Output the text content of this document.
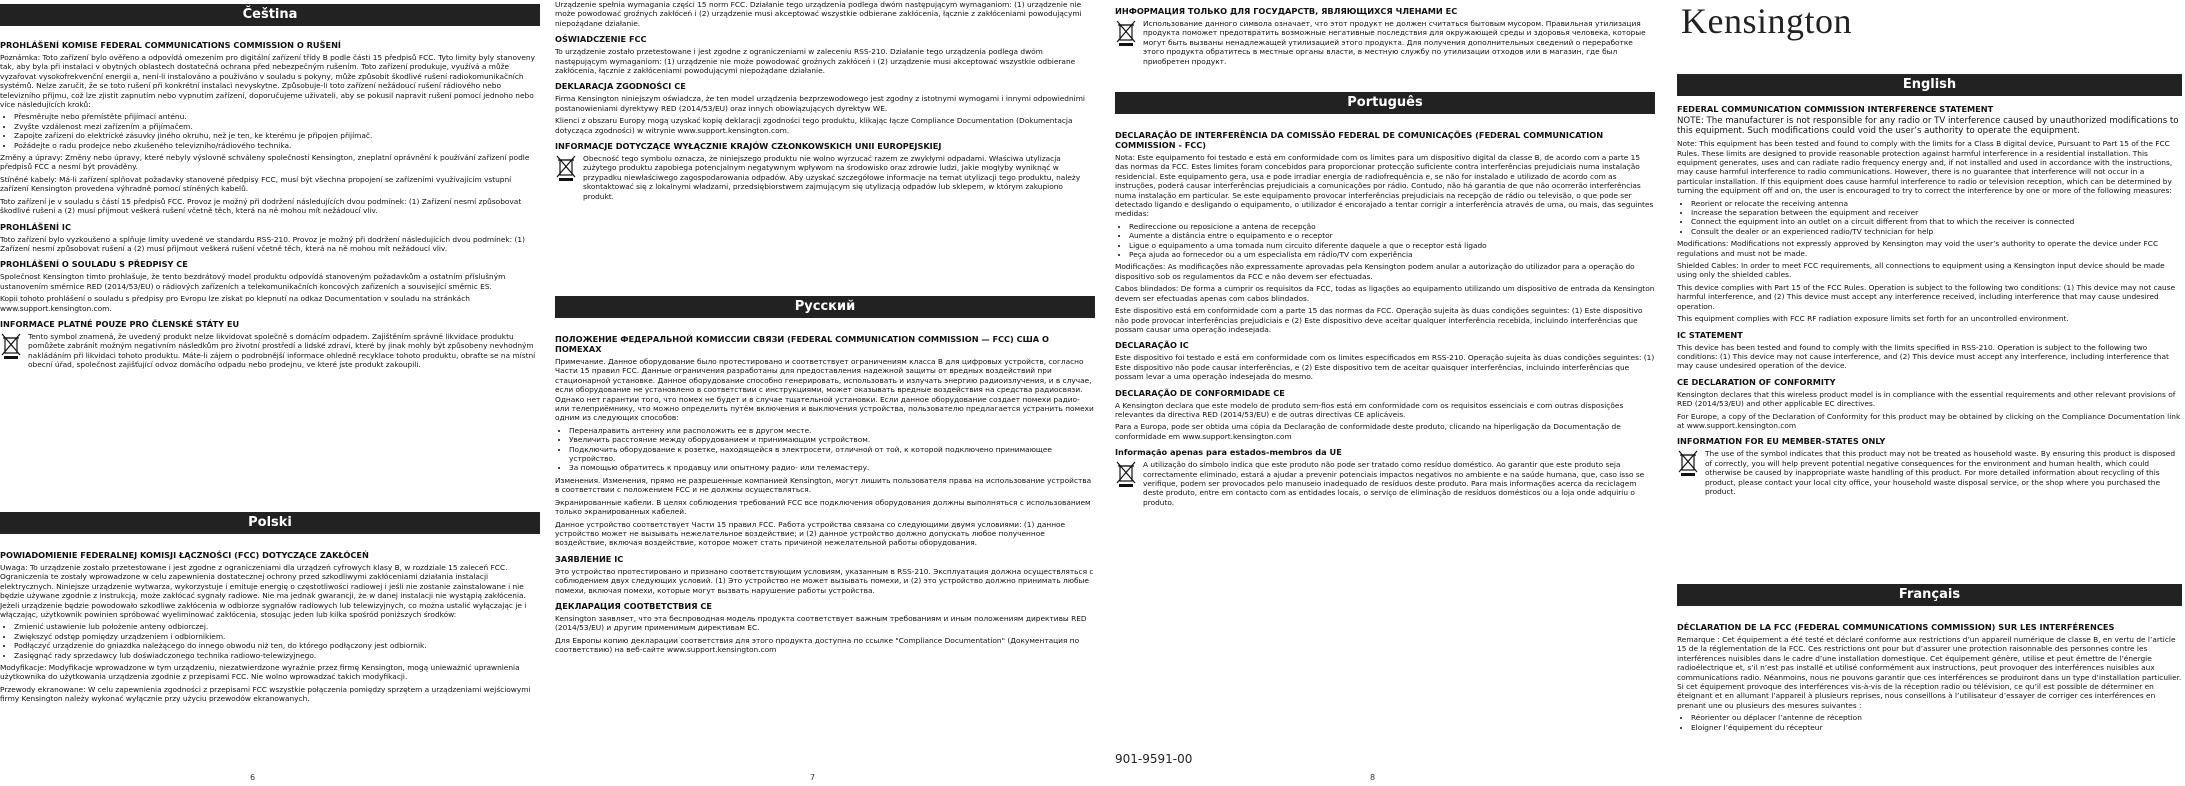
Čeština
PROHLÁŠENÍ KOMISE FEDERAL COMMUNICATIONS COMMISSION O RUŠENÍ

Poznámka: Toto zařízení bylo ověřeno a odpovídá omezením pro digitální zařízení třídy B podle části 15 předpisů FCC. Tyto limity byly stanoveny tak, aby byla při instalaci v obytných oblastech dostatečná ochrana před nebezpečným rušením. Toto zařízení produkuje, využívá a může vyzařovat vysokofrekvenční energii a, není-li instalováno a používáno v souladu s pokyny, může způsobit škodlivé rušení radiokomunikačních systémů. Nelze zaručit, že se toto rušení při konkrétní instalaci nevyskytne. Způsobuje-li toto zařízení nežádoucí rušení rádiového nebo televizního příjmu, což lze zjistit zapnutím nebo vypnutím zařízení, doporučujeme uživateli, aby se pokusil napravit rušení pomocí jednoho nebo více následujících kroků:

• Přesměrujte nebo přemístěte přijímací anténu.
• Zvyšte vzdálenost mezi zařízením a přijímačem.
• Zapojte zařízení do elektrické zásuvky jiného okruhu, než je ten, ke kterému je připojen přijímač.
• Požádejte o radu prodejce nebo zkušeného televizního/rádiového technika.

Změny a úpravy: Změny nebo úpravy, které nebyly výslovně schváleny společností Kensington, zneplatní oprávnění k používání zařízení podle předpisů FCC a nesmí být prováděny.

Stíněné kabely: Má-li zařízení splňovat požadavky stanovené předpisy FCC, musí být všechna propojení se zařízeními využívajícím vstupní zařízení Kensington provedena výhradně pomocí stíněných kabelů.

Toto zařízení je v souladu s částí 15 předpisů FCC. Provoz je možný při dodržení následujících dvou podmínek: (1) Zařízení nesmí způsobovat škodlivé rušení a (2) musí přijmout veškerá rušení včetně těch, která na ně mohou mít nežádoucí vliv.

PROHLÁŠENÍ IC

Toto zařízení bylo vyzkoušeno a splňuje limity uvedené ve standardu RSS-210. Provoz je možný při dodržení následujících dvou podmínek: (1) Zařízení nesmí způsobovat rušení a (2) musí přijmout veškerá rušení včetně těch, která na ně mohou mít nežádoucí vliv.

PROHLÁŠENÍ O SOULADU S PŘEDPISY CE

Společnost Kensington tímto prohlašuje, že tento bezdrátový model produktu odpovídá stanoveným požadavkům a ostatním příslušným ustanovením směrnice RED (2014/53/EU) o rádiových zařízeních a telekomunikačních koncových zařízeních a související směrnic ES.

Kopii tohoto prohlášení o souladu s předpisy pro Evropu lze získat po klepnutí na odkaz Documentation v souladu na stránkách www.support.kensington.com.

INFORMACE PLATNÉ POUZE PRO ČLENSKÉ STÁTY EU

Tento symbol znamená, že uvedený produkt nelze likvidovat společně s domácím odpadem. Zajištěním správné likvidace produktu pomůžete zabránit možným negativním následkům pro životní prostředí a lidské zdraví, které by jinak mohly být způsobeny nevhodným nakládáním při likvidaci tohoto produktu. Máte-li zájem o podrobnější informace ohledně recyklace tohoto produktu, obraťte se na místní obecní úřad, společnost zajišťující odvoz domácího odpadu nebo prodejnu, ve které jste produkt zakoupili.

Polski
POWIADOMIENIE FEDERALNEJ KOMISJI ŁĄCZNOŚCI (FCC) DOTYCZĄCE ZAKŁÓCEŃ

Uwaga: To urządzenie zostało przetestowane i jest zgodne z ograniczeniami dla urządzeń cyfrowych klasy B, w rozdziale 15 zaleceń FCC. Ograniczenia te zostały wprowadzone w celu zapewnienia dostatecznej ochrony przed szkodliwymi zakłóceniami działania instalacji elektrycznych. Niniejsze urządzenie wytwarza, wykorzystuje i emituje energię o częstotliwości radiowej i jeśli nie zostanie zainstalowane i nie będzie używane zgodnie z instrukcją, może zakłócać sygnały radiowe. Nie ma jednak gwarancji, że w danej instalacji nie wystąpią zakłócenia. Jeżeli urządzenie będzie powodowało szkodliwe zakłócenia w odbiorze sygnałów radiowych lub telewizyjnych, co można ustalić wyłączając je i włączając, użytkownik powinien spróbować wyeliminować zakłócenia, stosując jeden lub kilka spośród poniższych środków:

• Zmienić ustawienie lub położenie anteny odbiorczej.
• Zwiększyć odstęp pomiędzy urządzeniem i odbiornikiem.
• Podłączyć urządzenie do gniazdka należącego do innego obwodu niż ten, do którego podłączony jest odbiornik.
• Zasięgnąć rady sprzedawcy lub doświadczonego technika radiowo-telewizyjnego.

Modyfikacje: Modyfikacje wprowadzone w tym urządzeniu, niezatwierdzone wyraźnie przez firmę Kensington, mogą unieważnić uprawnienia użytkownika do użytkowania urządzenia zgodnie z przepisami FCC. Nie wolno wprowadzać takich modyfikacji.

Przewody ekranowane: W celu zapewnienia zgodności z przepisami FCC wszystkie połączenia pomiędzy sprzętem a urządzeniami wejściowymi firmy Kensington należy wykonać wyłącznie przy użyciu przewodów ekranowanych.

6

Urządzenie spełnia wymagania części 15 norm FCC. Działanie tego urządzenia podlega dwóm następującym wymaganiom: (1) urządzenie nie może powodować groźnych zakłóceń i (2) urządzenie musi akceptować wszystkie odbierane zakłócenia, łącznie z zakłóceniami powodującymi niepożądane działanie.

OŚWIADCZENIE FCC

To urządzenie zostało przetestowane i jest zgodne z ograniczeniami w zaleceniu RSS-210. Działanie tego urządzenia podlega dwóm następującym wymaganiom: (1) urządzenie nie może powodować groźnych zakłóceń i (2) urządzenie musi akceptować wszystkie odbierane zakłócenia, łącznie z zakłóceniami powodującymi niepożądane działanie.

DEKLARACJA ZGODNOŚCI CE

Firma Kensington niniejszym oświadcza, że ten model urządzenia bezprzewodowego jest zgodny z istotnymi wymogami i innymi odpowiednimi postanowieniami dyrektywy RED (2014/53/EU) oraz innych obowiązujących dyrektyw WE.

Klienci z obszaru Europy mogą uzyskać kopię deklaracji zgodności tego produktu, klikając łącze Compliance Documentation (Dokumentacja dotycząca zgodności) w witrynie www.support.kensington.com.

INFORMACJE DOTYCZĄCE WYŁĄCZNIE KRAJÓW CZŁONKOWSKICH UNII EUROPEJSKIEJ

Obecność tego symbolu oznacza, że niniejszego produktu nie wolno wyrzucać razem ze zwykłymi odpadami. Właściwa utylizacja zużytego produktu zapobiega potencjalnym negatywnym wpływom na środowisko oraz zdrowie ludzi, jakie mogłyby wyniknąć w przypadku niewłaściwego zagospodarowania odpadów. Aby uzyskać szczegółowe informacje na temat utylizacji tego produktu, należy skontaktować się z lokalnymi władzami, przedsiębiorstwem zajmującym się utylizacją odpadów lub sklepem, w którym zakupiono produkt.

Русский
ПОЛОЖЕНИЕ ФЕДЕРАЛЬНОЙ КОМИССИИ СВЯЗИ (FEDERAL COMMUNICATION COMMISSION — FCC) США О ПОМЕХАХ

Примечание. Данное оборудование было протестировано и соответствует ограничениям класса B для цифровых устройств, согласно Части 15 правил FCC. Данные ограничения разработаны для предоставления надежной защиты от вредных воздействий при стационарной установке. Данное оборудование способно генерировать, использовать и излучать энергию радиоизлучения, и в случае, если оборудование не установлено в соответствии с инструкциями, может оказывать вредные воздействия на средства радиосвязи. Однако нет гарантии того, что помех не будет и в случае тщательной установки. Если данное оборудование создает помехи радио- или телеприёмнику, что можно определить путём включения и выключения устройства, пользователю предлагается устранить помехи одним из следующих способов:

• Переналравить антенну или расположить ее в другом месте.
• Увеличить расстояние между оборудованием и принимающим устройством.
• Подключить оборудование к розетке, находящейся в электросети, отличной от той, к которой подключено принимающее устройство.
• За помощью обратитесь к продавцу или опытному радио- или телемастеру.

Изменения. Изменения, прямо не разрешенные компанией Kensington, могут лишить пользователя права на использование устройства в соответствии с положением FCC и не должны осуществляться.

Экранированные кабели. В целях соблюдения требований FCC все подключения оборудования должны выполняться с использованием только экранированных кабелей.

Данное устройство соответствует Части 15 правил FCC. Работа устройства связана со следующими двумя условиями: (1) данное устройство может не вызывать нежелательное воздействие; и (2) данное устройство должно допускать любое полученное воздействие, включая воздействие, которое может стать причиной нежелательной работы оборудования.

ЗАЯВЛЕНИЕ IC

Это устройство протестировано и признано соответствующим условиям, указанным в RSS-210. Эксплуатация должна осуществляться с соблюдением двух следующих условий. (1) Это устройство не может вызывать помехи, и (2) это устройство должно принимать любые помехи, включая помехи, которые могут вызвать нарушение работы устройства.

ДЕКЛАРАЦИЯ СООТВЕТСТВИЯ CE

Kensington заявляет, что эта беспроводная модель продукта соответствует важным требованиям и иным положениям директивы RED (2014/53/EU) и другим применимым директивам ЕС.

Для Европы копию декларации соответствия для этого продукта доступна по ссылке "Compliance Documentation" (Документация по соответствию) на веб-сайте www.support.kensington.com

7
ИНФОРМАЦИЯ ТОЛЬКО ДЛЯ ГОСУДАРСТВ, ЯВЛЯЮЩИХСЯ ЧЛЕНАМИ ЕС

Использование данного символа означает, что этот продукт не должен считаться бытовым мусором. Правильная утилизация продукта поможет предотвратить возможные негативные последствия для окружающей среды и здоровья человека, которые могут быть вызваны ненадлежащей утилизацией этого продукта. Для получения дополнительных сведений о переработке этого продукта обратитесь в местные органы власти, в местную службу по утилизации отходов или в магазин, где был приобретен продукт.

Português
DECLARAÇÃO DE INTERFERÊNCIA DA COMISSÃO FEDERAL DE COMUNICAÇÕES (FEDERAL COMMUNICATION COMMISSION - FCC)

Nota: Este equipamento foi testado e está em conformidade com os limites para um dispositivo digital da classe B, de acordo com a parte 15 das normas da FCC. Estes limites foram concebidos para proporcionar protecção suficiente contra interferências prejudiciais numa instalação residencial. Este equipamento gera, usa e pode irradiar energia de radiofrequência e, se não for instalado e utilizado de acordo com as instruções, poderá causar interferências prejudiciais a comunicações por rádio. Contudo, não há garantia de que não ocorrerão interferências numa instalação em particular. Se este equipamento provocar interferências prejudiciais na recepção de rádio ou televisão, o que pode ser detectado ligando e desligando o equipamento, o utilizador é encorajado a tentar corrigir a interferência através de uma, ou mais, das seguintes medidas:

• Redireccione ou reposicione a antena de recepção
• Aumente a distância entre o equipamento e o receptor
• Ligue o equipamento a uma tomada num circuito diferente daquele a que o receptor está ligado
• Peça ajuda ao fornecedor ou a um especialista em rádio/TV com experiência

Modificações: As modificações não expressamente aprovadas pela Kensington podem anular a autorização do utilizador para a operação do dispositivo sob os regulamentos da FCC e não devem ser efectuadas.

Cabos blindados: De forma a cumprir os requisitos da FCC, todas as ligações ao equipamento utilizando um dispositivo de entrada da Kensington devem ser efectuadas apenas com cabos blindados.

Este dispositivo está em conformidade com a parte 15 das normas da FCC. Operação sujeita às duas condições seguintes: (1) Este dispositivo não pode provocar interferências prejudiciais e (2) Este dispositivo deve aceitar qualquer interferência recebida, incluindo interferências que possam causar uma operação indesejada.

DECLARAÇÃO IC

Este dispositivo foi testado e está em conformidade com os limites especificados em RSS-210. Operação sujeita às duas condições seguintes: (1) Este dispositivo não pode causar interferências, e (2) Este dispositivo tem de aceitar quaisquer interferências, incluindo interferências que possam levar a uma operação indesejada do mesmo.

DECLARAÇÃO DE CONFORMIDADE CE

A Kensington declara que este modelo de produto sem-fios está em conformidade com os requisitos essenciais e com outras disposições relevantes da directiva RED (2014/53/EU) e de outras directivas CE aplicáveis.

Para a Europa, pode ser obtida uma cópia da Declaração de conformidade deste produto, clicando na hiperligação da Documentação de conformidade em www.support.kensington.com

Informação apenas para estados-membros da UE

A utilização do símbolo indica que este produto não pode ser tratado como resíduo doméstico. Ao garantir que este produto seja correctamente eliminado, estará a ajudar a prevenir potenciais impactos negativos no ambiente e na saúde humana, que, caso isso se verifique, podem ser provocados pelo manuseio inadequado de resíduos deste produto. Para mais informações acerca da reciclagem deste produto, entre em contacto com as entidades locais, o serviço de eliminação de resíduos domésticos ou a loja onde adquiriu o produto.

901-9591-00
8
Kensington
English
FEDERAL COMMUNICATION COMMISSION INTERFERENCE STATEMENT

NOTE: The manufacturer is not responsible for any radio or TV interference caused by unauthorized modifications to this equipment. Such modifications could void the user’s authority to operate the equipment.

Note: This equipment has been tested and found to comply with the limits for a Class B digital device, Pursuant to Part 15 of the FCC Rules. These limits are designed to provide reasonable protection against harmful interference in a residential installation. This equipment generates, uses and can radiate radio frequency energy and, if not installed and used in accordance with the instructions, may cause harmful interference to radio communications. However, there is no guarantee that interference will not occur in a particular installation. If this equipment does cause harmful interference to radio or television reception, which can be determined by turning the equipment off and on, the user is encouraged to try to correct the interference by one or more of the following measures:

• Reorient or relocate the receiving antenna
• Increase the separation between the equipment and receiver
• Connect the equipment into an outlet on a circuit different from that to which the receiver is connected
• Consult the dealer or an experienced radio/TV technician for help

Modifications: Modifications not expressly approved by Kensington may void the user’s authority to operate the device under FCC regulations and must not be made.

Shielded Cables: In order to meet FCC requirements, all connections to equipment using a Kensington input device should be made using only the shielded cables.

This device complies with Part 15 of the FCC Rules. Operation is subject to the following two conditions: (1) This device may not cause harmful interference, and (2) This device must accept any interference received, including interference that may cause undesired operation.

This equipment complies with FCC RF radiation exposure limits set forth for an uncontrolled environment.

IC STATEMENT

This device has been tested and found to comply with the limits specified in RSS-210. Operation is subject to the following two conditions: (1) This device may not cause interference, and (2) This device must accept any interference, including interference that may cause undesired operation of the device.

CE DECLARATION OF CONFORMITY

Kensington declares that this wireless product model is in compliance with the essential requirements and other relevant provisions of RED (2014/53/EU) and other applicable EC directives.

For Europe, a copy of the Declaration of Conformity for this product may be obtained by clicking on the Compliance Documentation link at www.support.kensington.com

INFORMATION FOR EU MEMBER-STATES ONLY

The use of the symbol indicates that this product may not be treated as household waste. By ensuring this product is disposed of correctly, you will help prevent potential negative consequences for the environment and human health, which could otherwise be caused by inappropriate waste handling of this product. For more detailed information about recycling of this product, please contact your local city office, your household waste disposal service, or the shop where you purchased the product.

Français
DÉCLARATION DE LA FCC (FEDERAL COMMUNICATIONS COMMISSION) SUR LES INTERFÉRENCES

Remarque : Cet équipement a été testé et déclaré conforme aux restrictions d’un appareil numérique de classe B, en vertu de l’article 15 de la réglementation de la FCC. Ces restrictions ont pour but d’assurer une protection raisonnable des personnes contre les interférences nuisibles dans le cadre d’une installation domestique. Cet équipement génère, utilise et peut émettre de l’énergie radioélectrique et, s’il n’est pas installé et utilisé conformément aux instructions, peut provoquer des interférences nuisibles aux communications radio. Néanmoins, nous ne pouvons garantir que ces interférences se produiront dans un type d’installation particulier. Si cet équipement provoque des interférences vis-à-vis de la réception radio ou télévision, ce qu’il est possible de déterminer en éteignant et en allumant l’appareil à plusieurs reprises, nous conseillons à l’utilisateur d’essayer de corriger ces interférences en prenant une ou plusieurs des mesures suivantes :

• Réorienter ou déplacer l’antenne de réception
• Eloigner l’équipement du récepteur
